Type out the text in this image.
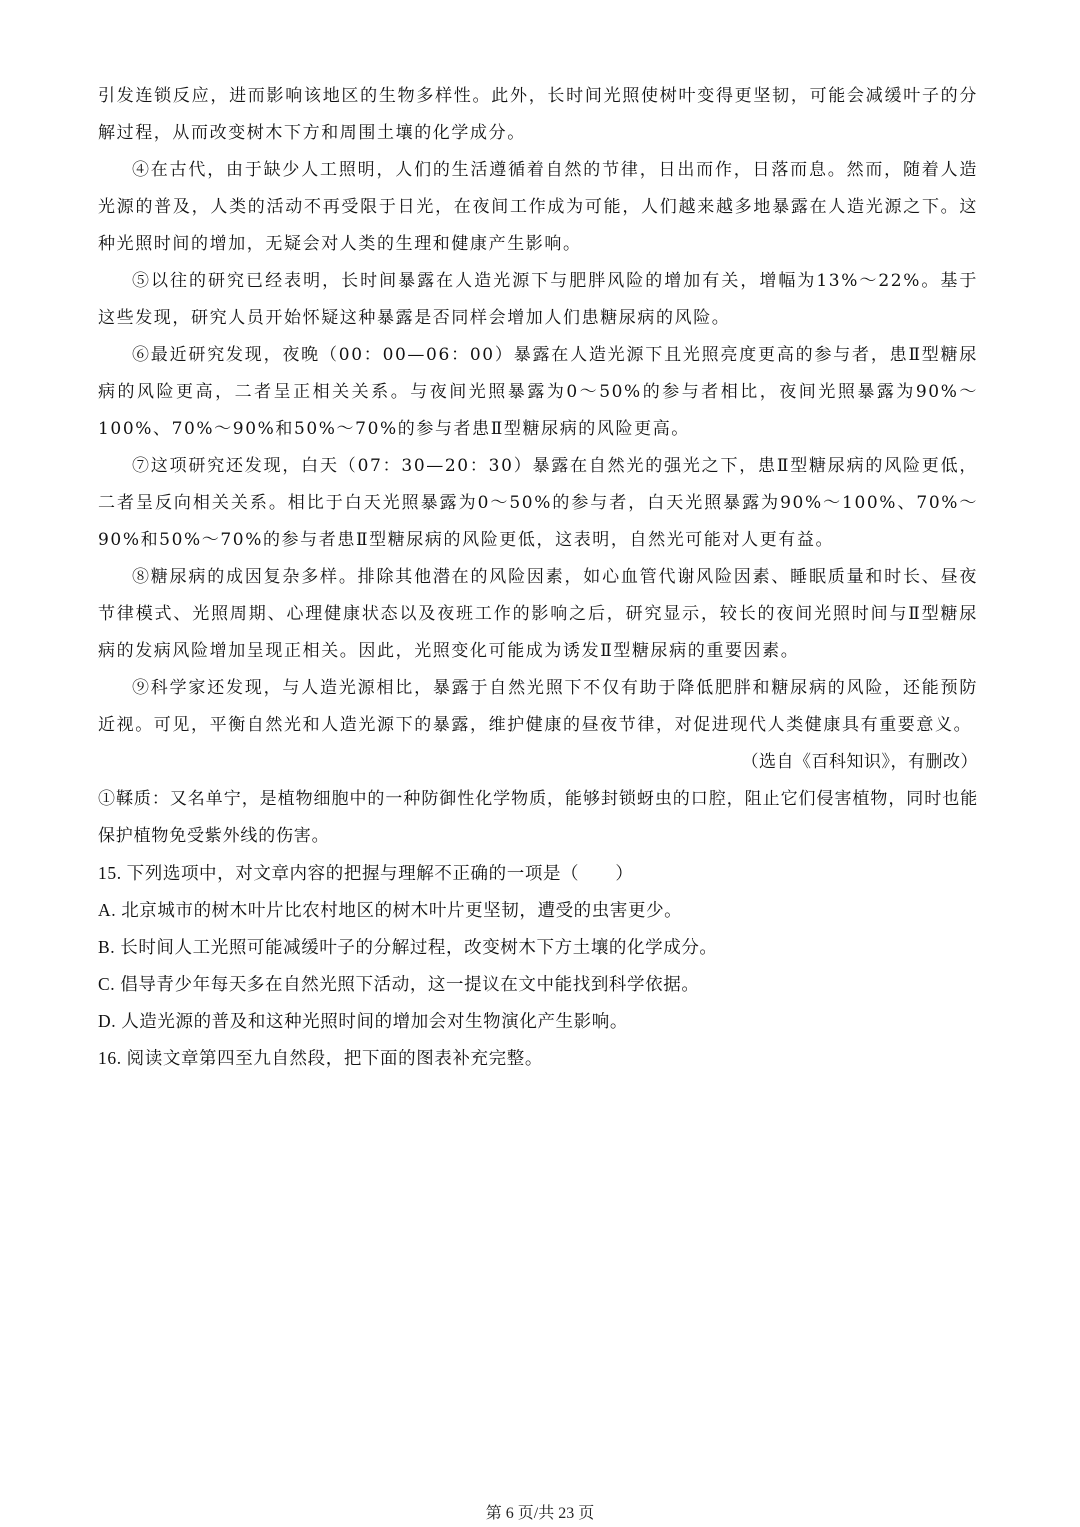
引发连锁反应，进而影响该地区的生物多样性。此外，长时间光照使树叶变得更坚韧，可能会减缓叶子的分解过程，从而改变树木下方和周围土壤的化学成分。

④在古代，由于缺少人工照明，人们的生活遵循着自然的节律，日出而作，日落而息。然而，随着人造光源的普及，人类的活动不再受限于日光，在夜间工作成为可能，人们越来越多地暴露在人造光源之下。这种光照时间的增加，无疑会对人类的生理和健康产生影响。

⑤以往的研究已经表明，长时间暴露在人造光源下与肥胖风险的增加有关，增幅为13%～22%。基于这些发现，研究人员开始怀疑这种暴露是否同样会增加人们患糖尿病的风险。

⑥最近研究发现，夜晚（00：00—06：00）暴露在人造光源下且光照亮度更高的参与者，患Ⅱ型糖尿病的风险更高，二者呈正相关关系。与夜间光照暴露为0～50%的参与者相比，夜间光照暴露为90%～100%、70%～90%和50%～70%的参与者患Ⅱ型糖尿病的风险更高。

⑦这项研究还发现，白天（07：30—20：30）暴露在自然光的强光之下，患Ⅱ型糖尿病的风险更低，二者呈反向相关关系。相比于白天光照暴露为0～50%的参与者，白天光照暴露为90%～100%、70%～90%和50%～70%的参与者患Ⅱ型糖尿病的风险更低，这表明，自然光可能对人更有益。

⑧糖尿病的成因复杂多样。排除其他潜在的风险因素，如心血管代谢风险因素、睡眠质量和时长、昼夜节律模式、光照周期、心理健康状态以及夜班工作的影响之后，研究显示，较长的夜间光照时间与Ⅱ型糖尿病的发病风险增加呈现正相关。因此，光照变化可能成为诱发Ⅱ型糖尿病的重要因素。

⑨科学家还发现，与人造光源相比，暴露于自然光照下不仅有助于降低肥胖和糖尿病的风险，还能预防近视。可见，平衡自然光和人造光源下的暴露，维护健康的昼夜节律，对促进现代人类健康具有重要意义。

（选自《百科知识》，有删改）

①鞣质：又名单宁，是植物细胞中的一种防御性化学物质，能够封锁蚜虫的口腔，阻止它们侵害植物，同时也能保护植物免受紫外线的伤害。

15. 下列选项中，对文章内容的把握与理解不正确的一项是（　　）

A. 北京城市的树木叶片比农村地区的树木叶片更坚韧，遭受的虫害更少。

B. 长时间人工光照可能减缓叶子的分解过程，改变树木下方土壤的化学成分。

C. 倡导青少年每天多在自然光照下活动，这一提议在文中能找到科学依据。

D. 人造光源的普及和这种光照时间的增加会对生物演化产生影响。

16. 阅读文章第四至九自然段，把下面的图表补充完整。

第 6 页/共 23 页
